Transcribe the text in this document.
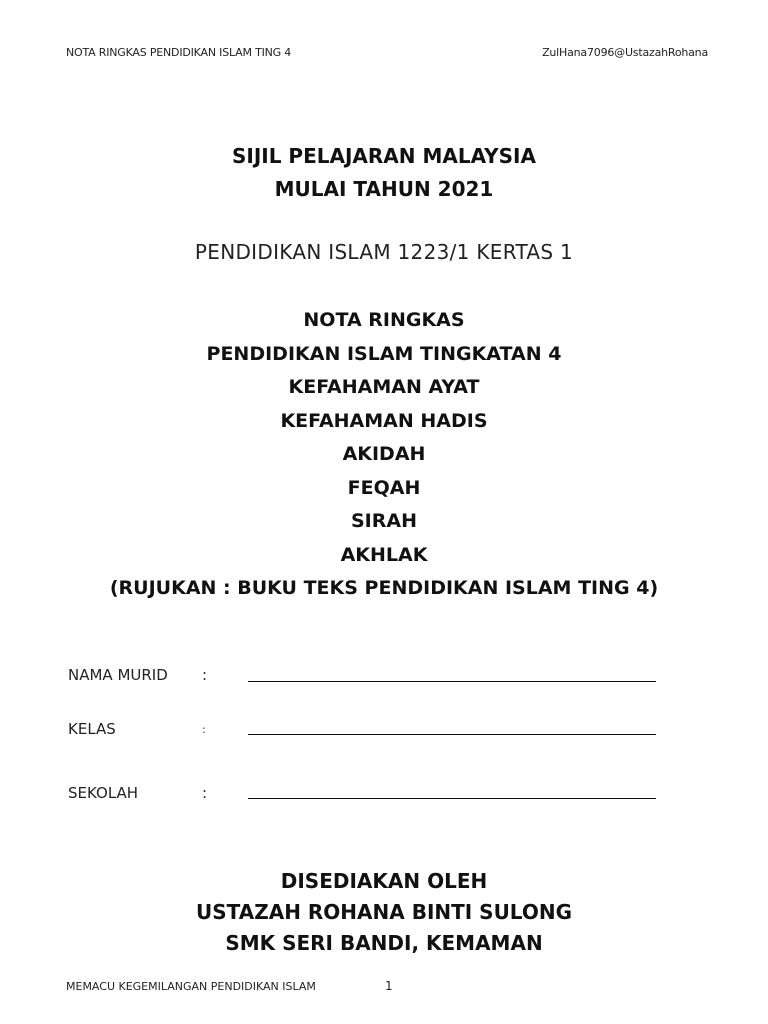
NOTA RINGKAS PENDIDIKAN ISLAM TING 4	ZulHana7096@UstazahRohana
SIJIL PELAJARAN MALAYSIA
MULAI TAHUN 2021
PENDIDIKAN ISLAM 1223/1 KERTAS 1
NOTA RINGKAS
PENDIDIKAN ISLAM TINGKATAN 4
KEFAHAMAN AYAT
KEFAHAMAN HADIS
AKIDAH
FEQAH
SIRAH
AKHLAK
(RUJUKAN : BUKU TEKS PENDIDIKAN ISLAM TING 4)
NAMA MURID :
KELAS	:
SEKOLAH	:
DISEDIAKAN OLEH
USTAZAH ROHANA BINTI SULONG
SMK SERI BANDI, KEMAMAN
MEMACU KEGEMILANGAN PENDIDIKAN ISLAM	1
